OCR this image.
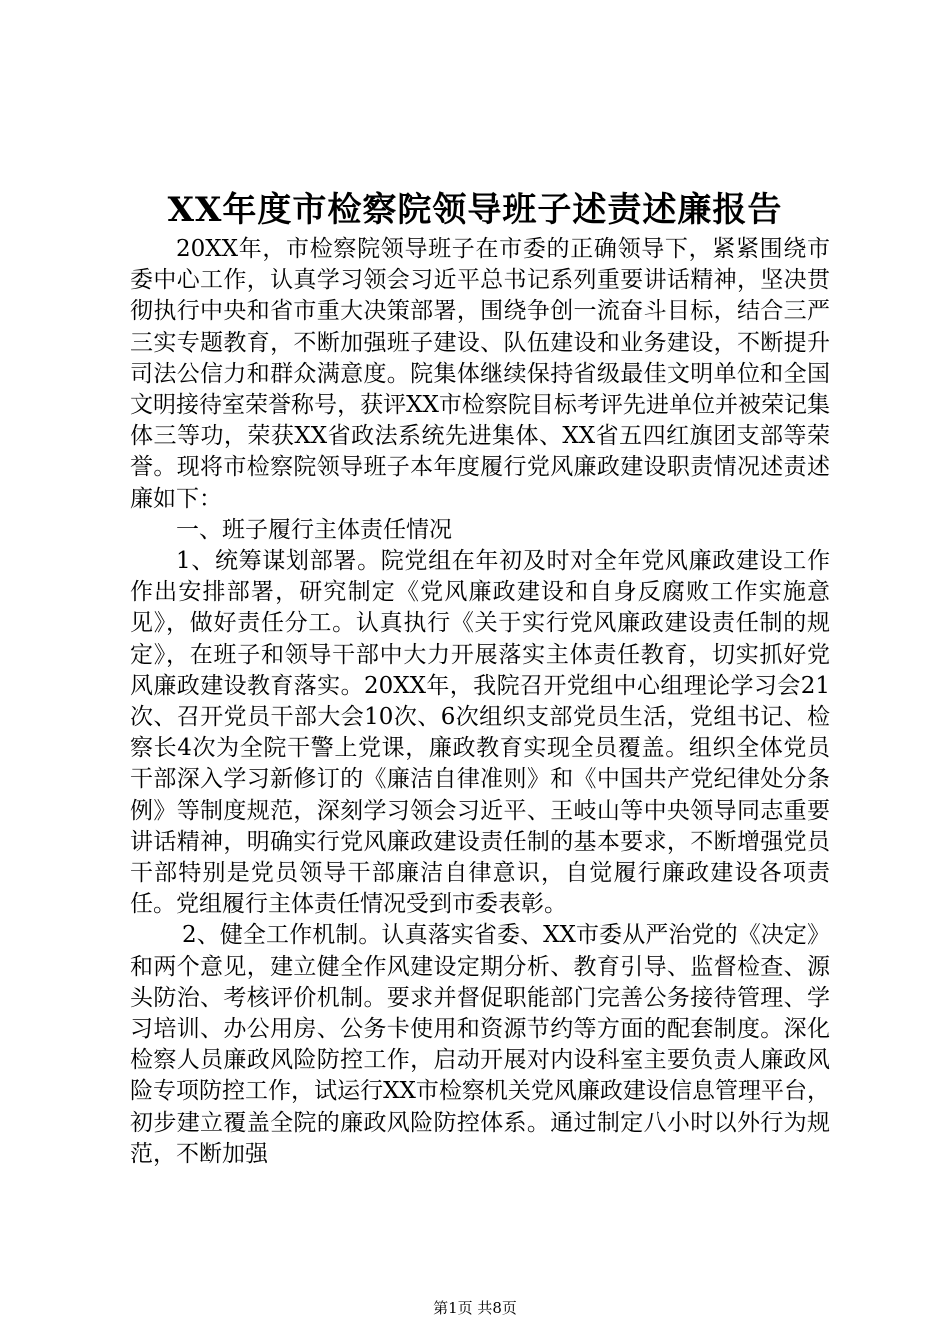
XX年度市检察院领导班子述责述廉报告

20XX年，市检察院领导班子在市委的正确领导下，紧紧围绕市委中心工作，认真学习领会习近平总书记系列重要讲话精神，坚决贯彻执行中央和省市重大决策部署，围绕争创一流奋斗目标，结合三严三实专题教育，不断加强班子建设、队伍建设和业务建设，不断提升司法公信力和群众满意度。院集体继续保持省级最佳文明单位和全国文明接待室荣誉称号，获评XX市检察院目标考评先进单位并被荣记集体三等功，荣获XX省政法系统先进集体、XX省五四红旗团支部等荣誉。现将市检察院领导班子本年度履行党风廉政建设职责情况述责述廉如下：

一、班子履行主体责任情况

1、统筹谋划部署。院党组在年初及时对全年党风廉政建设工作作出安排部署，研究制定《党风廉政建设和自身反腐败工作实施意见》，做好责任分工。认真执行《关于实行党风廉政建设责任制的规定》，在班子和领导干部中大力开展落实主体责任教育，切实抓好党风廉政建设教育落实。20XX年，我院召开党组中心组理论学习会21次、召开党员干部大会10次、6次组织支部党员生活，党组书记、检察长4次为全院干警上党课，廉政教育实现全员覆盖。组织全体党员干部深入学习新修订的《廉洁自律准则》和《中国共产党纪律处分条例》等制度规范，深刻学习领会习近平、王岐山等中央领导同志重要讲话精神，明确实行党风廉政建设责任制的基本要求，不断增强党员干部特别是党员领导干部廉洁自律意识，自觉履行廉政建设各项责任。党组履行主体责任情况受到市委表彰。

2、健全工作机制。认真落实省委、XX市委从严治党的《决定》和两个意见，建立健全作风建设定期分析、教育引导、监督检查、源头防治、考核评价机制。要求并督促职能部门完善公务接待管理、学习培训、办公用房、公务卡使用和资源节约等方面的配套制度。深化检察人员廉政风险防控工作，启动开展对内设科室主要负责人廉政风险专项防控工作，试运行XX市检察机关党风廉政建设信息管理平台，初步建立覆盖全院的廉政风险防控体系。通过制定八小时以外行为规范，不断加强

第1页 共8页
